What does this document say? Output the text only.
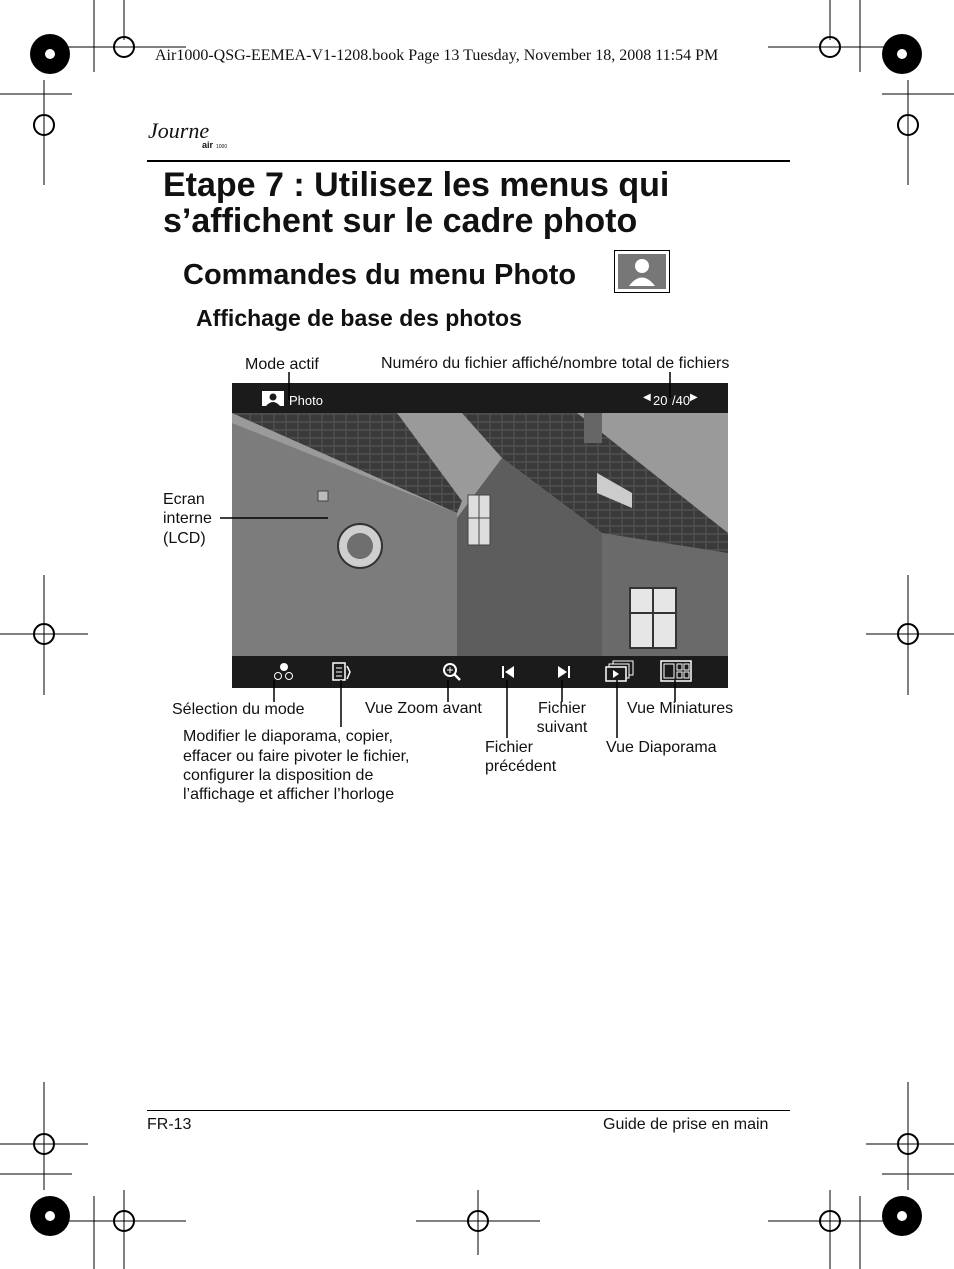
Air1000-QSG-EEMEA-V1-1208.book Page 13 Tuesday, November 18, 2008 11:54 PM
Journe
air 1000
Etape 7 : Utilisez les menus qui s’affichent sur le cadre photo
Commandes du menu Photo
Affichage de base des photos
Mode actif	Numéro du fichier affiché/nombre total de fichiers
Photo	◀ 20 /40 ▶
Ecran
interne
(LCD)
Sélection du mode
Modifier le diaporama, copier,
effacer ou faire pivoter le fichier,
configurer la disposition de
l’affichage et afficher l’horloge
Vue Zoom avant	Fichier
suivant
Fichier
précédent
Vue Miniatures
Vue Diaporama
FR-13	Guide de prise en main
